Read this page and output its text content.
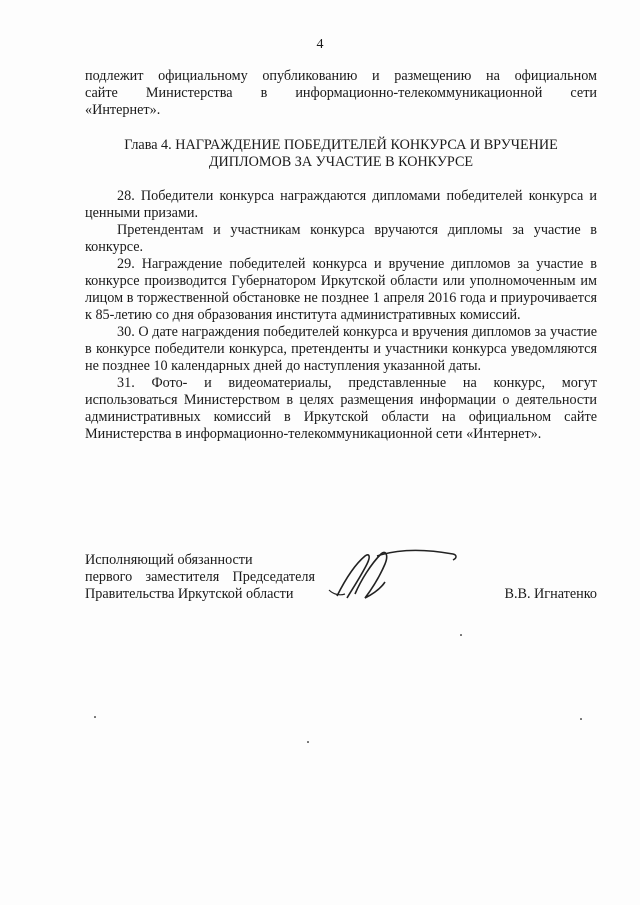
4
подлежит официальному опубликованию и размещению на официальном
сайте Министерства в информационно-телекоммуникационной сети
«Интернет».
Глава 4. НАГРАЖДЕНИЕ ПОБЕДИТЕЛЕЙ КОНКУРСА И ВРУЧЕНИЕ
ДИПЛОМОВ ЗА УЧАСТИЕ В КОНКУРСЕ

28. Победители конкурса награждаются дипломами победителей конкурса и ценными призами.

Претендентам и участникам конкурса вручаются дипломы за участие в конкурсе.

29. Награждение победителей конкурса и вручение дипломов за участие в конкурсе производится Губернатором Иркутской области или уполномоченным им лицом в торжественной обстановке не позднее 1 апреля 2016 года и приурочивается к 85-летию со дня образования института административных комиссий.

30. О дате награждения победителей конкурса и вручения дипломов за участие в конкурсе победители конкурса, претенденты и участники конкурса уведомляются не позднее 10 календарных дней до наступления указанной даты.

31. Фото- и видеоматериалы, представленные на конкурс, могут использоваться Министерством в целях размещения информации о деятельности административных комиссий в Иркутской области на официальном сайте Министерства в информационно-телекоммуникационной сети «Интернет».

Исполняющий обязанности
первого заместителя Председателя
Правительства Иркутской области	В.В. Игнатенко
